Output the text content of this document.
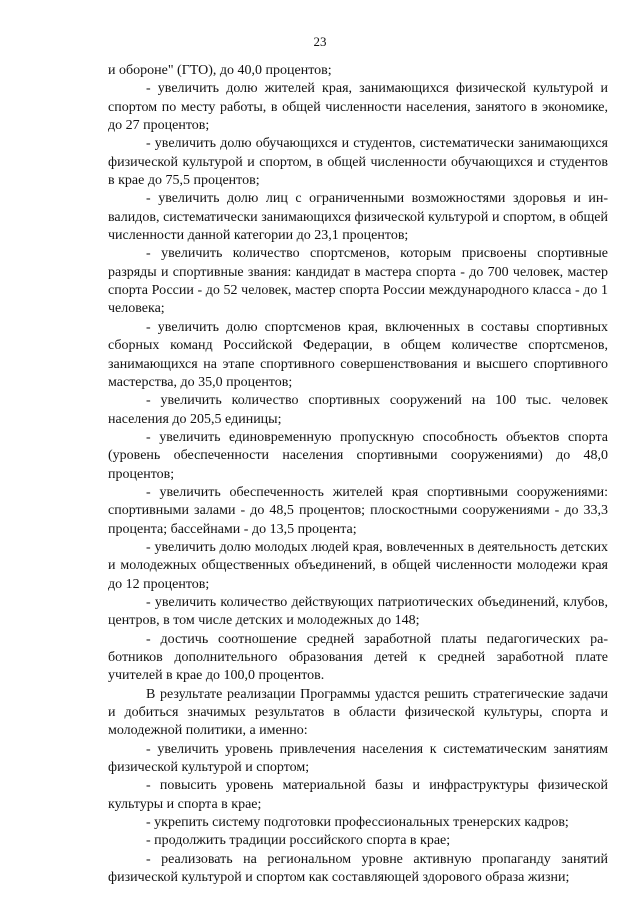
23

и обороне" (ГТО), до 40,0 процентов;

- увеличить долю жителей края, занимающихся физической культурой и спортом по месту работы, в общей численности населения, занятого в экономике, до 27 процентов;

- увеличить долю обучающихся и студентов, систематически занимающихся физической культурой и спортом, в общей численности обучающихся и студентов в крае до 75,5 процентов;

- увеличить долю лиц с ограниченными возможностями здоровья и инвалидов, систематически занимающихся физической культурой и спортом, в общей численности данной категории до 23,1 процентов;

- увеличить количество спортсменов, которым присвоены спортивные разряды и спортивные звания: кандидат в мастера спорта - до 700 человек, мастер спорта России - до 52 человек, мастер спорта России международного класса - до 1 человека;

- увеличить долю спортсменов края, включенных в составы спортивных сборных команд Российской Федерации, в общем количестве спортсменов, занимающихся на этапе спортивного совершенствования и высшего спортивного мастерства, до 35,0 процентов;

- увеличить количество спортивных сооружений на 100 тыс. человек населения до 205,5 единицы;

- увеличить единовременную пропускную способность объектов спорта (уровень обеспеченности населения спортивными сооружениями) до 48,0 процентов;

- увеличить обеспеченность жителей края спортивными сооружениями: спортивными залами - до 48,5 процентов; плоскостными сооружениями - до 33,3 процента; бассейнами - до 13,5 процента;

- увеличить долю молодых людей края, вовлеченных в деятельность детских и молодежных общественных объединений, в общей численности молодежи края до 12 процентов;

- увеличить количество действующих патриотических объединений, клубов, центров, в том числе детских и молодежных до 148;

- достичь соотношение средней заработной платы педагогических работников дополнительного образования детей к средней заработной плате учителей в крае до 100,0 процентов.

В результате реализации Программы удастся решить стратегические задачи и добиться значимых результатов в области физической культуры, спорта и молодежной политики, а именно:

- увеличить уровень привлечения населения к систематическим занятиям физической культурой и спортом;

- повысить уровень материальной базы и инфраструктуры физической культуры и спорта в крае;

- укрепить систему подготовки профессиональных тренерских кадров;

- продолжить традиции российского спорта в крае;

- реализовать на региональном уровне активную пропаганду занятий физической культурой и спортом как составляющей здорового образа жизни;
